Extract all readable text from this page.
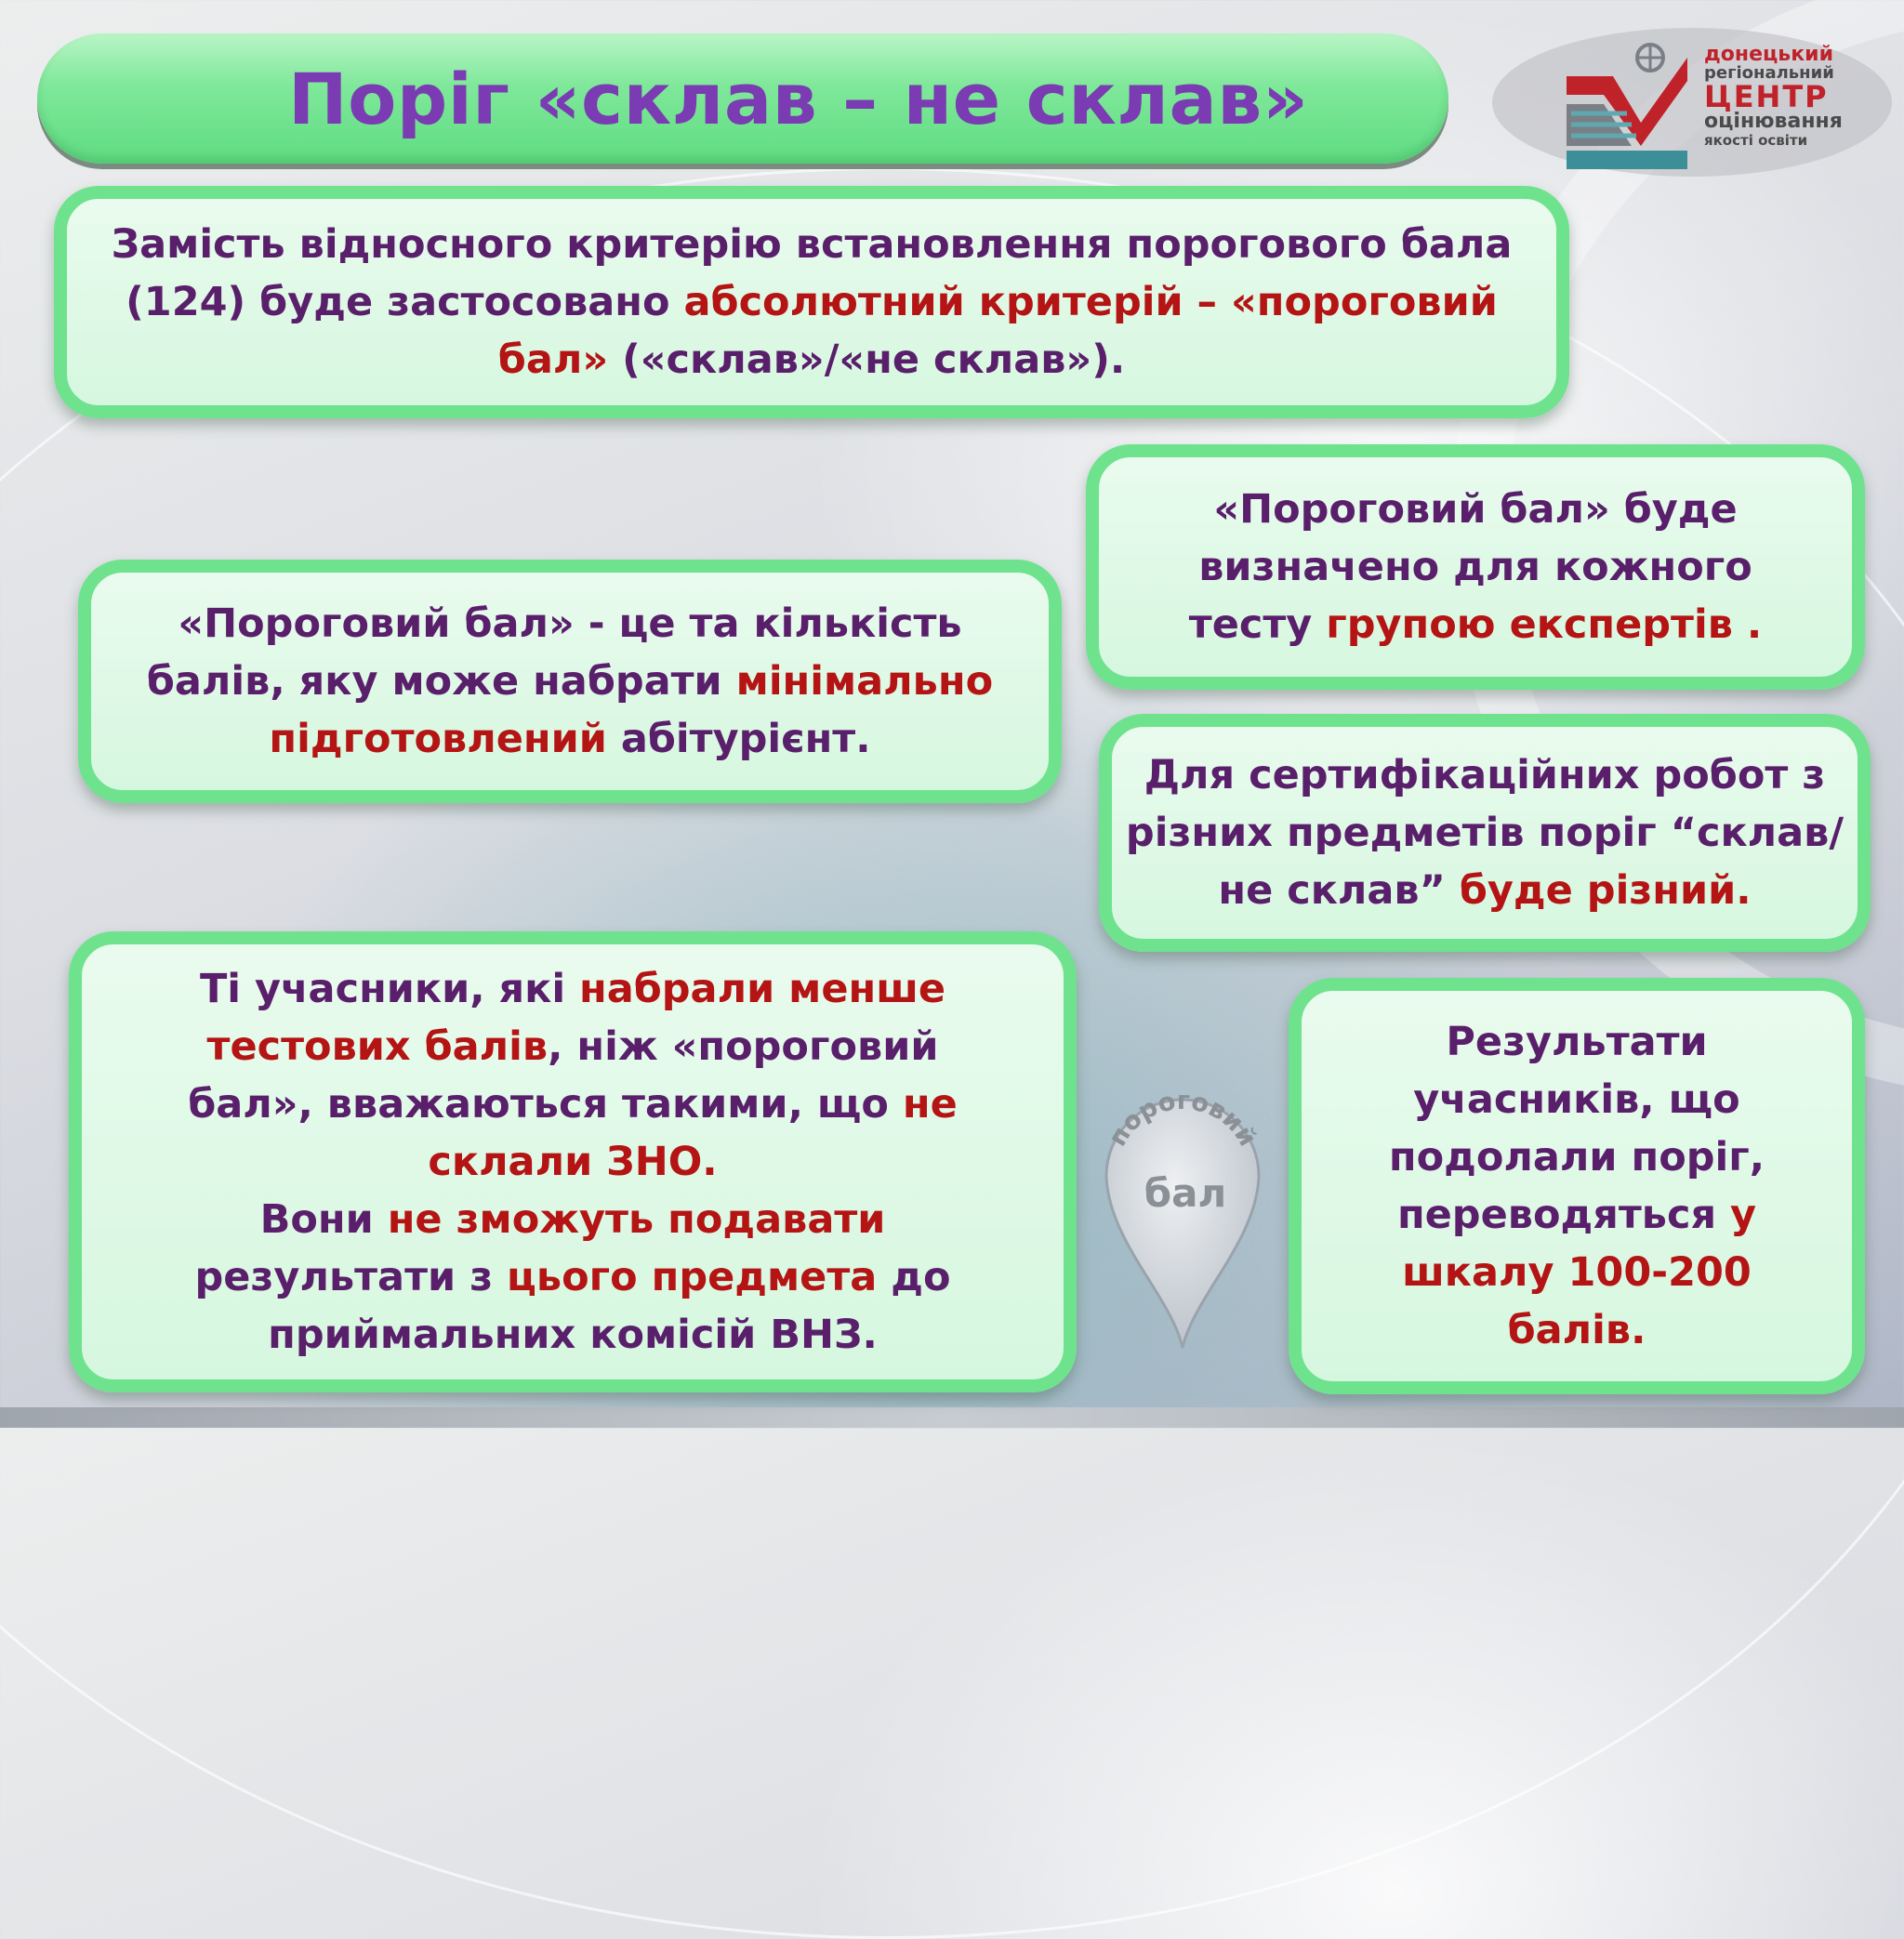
Поріг «склав – не склав»
донецький
регіональний
ЦЕНТР
оцінювання
якості освіти

Замість відносного критерію встановлення порогового бала (124) буде застосовано абсолютний критерій – «пороговий бал» («склав»/«не склав»).

«Пороговий бал» буде визначено для кожного тесту групою експертів .

«Пороговий бал» - це та кількість балів, яку може набрати мінімально підготовлений абітурієнт.

Для сертифікаційних робот з різних предметів поріг “склав/не склав” буде різний.

Ті учасники, які набрали менше тестових балів, ніж «пороговий бал», вважаються такими, що не склали ЗНО.

Вони не зможуть подавати результати з цього предмета до приймальних комісій ВНЗ.

Результати учасників, що подолали поріг, переводяться у шкалу 100-200 балів.

пороговий
бал
